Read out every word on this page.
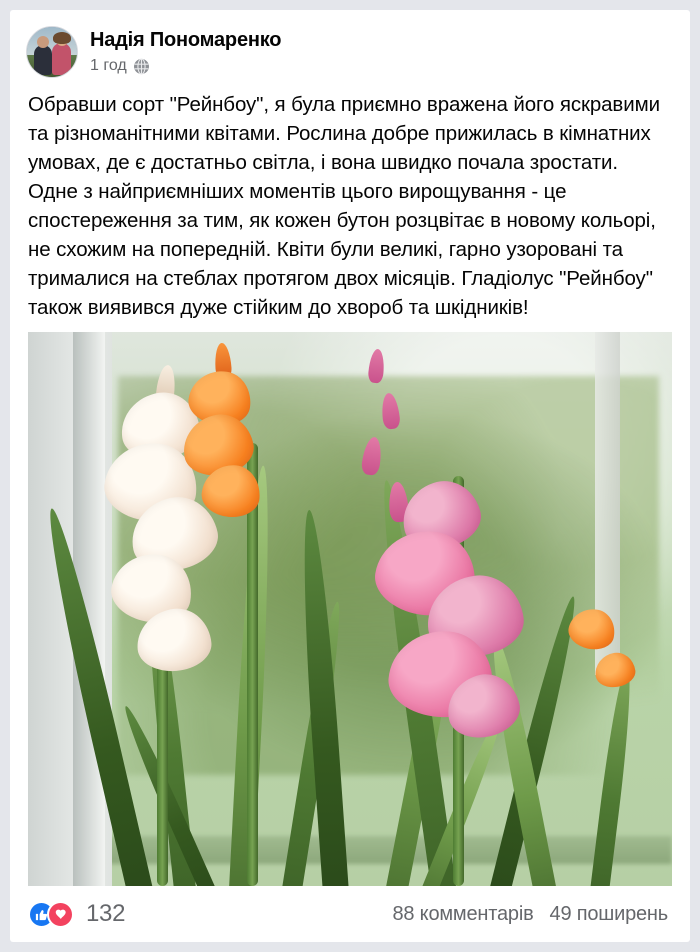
Надія Пономаренко
1 год
Обравши сорт "Рейнбоу", я була приємно вражена його яскравими та різноманітними квітами. Рослина добре прижилась в кімнатних умовах, де є достатньо світла, і вона швидко почала зростати. Одне з найприємніших моментів цього вирощування - це спостереження за тим, як кожен бутон розцвітає в новому кольорі, не схожим на попередній. Квіти були великі, гарно узоровані та трималися на стеблах протягом двох місяців. Гладіолус "Рейнбоу" також виявився дуже стійким до хвороб та шкідників!
132	88 комментарів 49 поширень
